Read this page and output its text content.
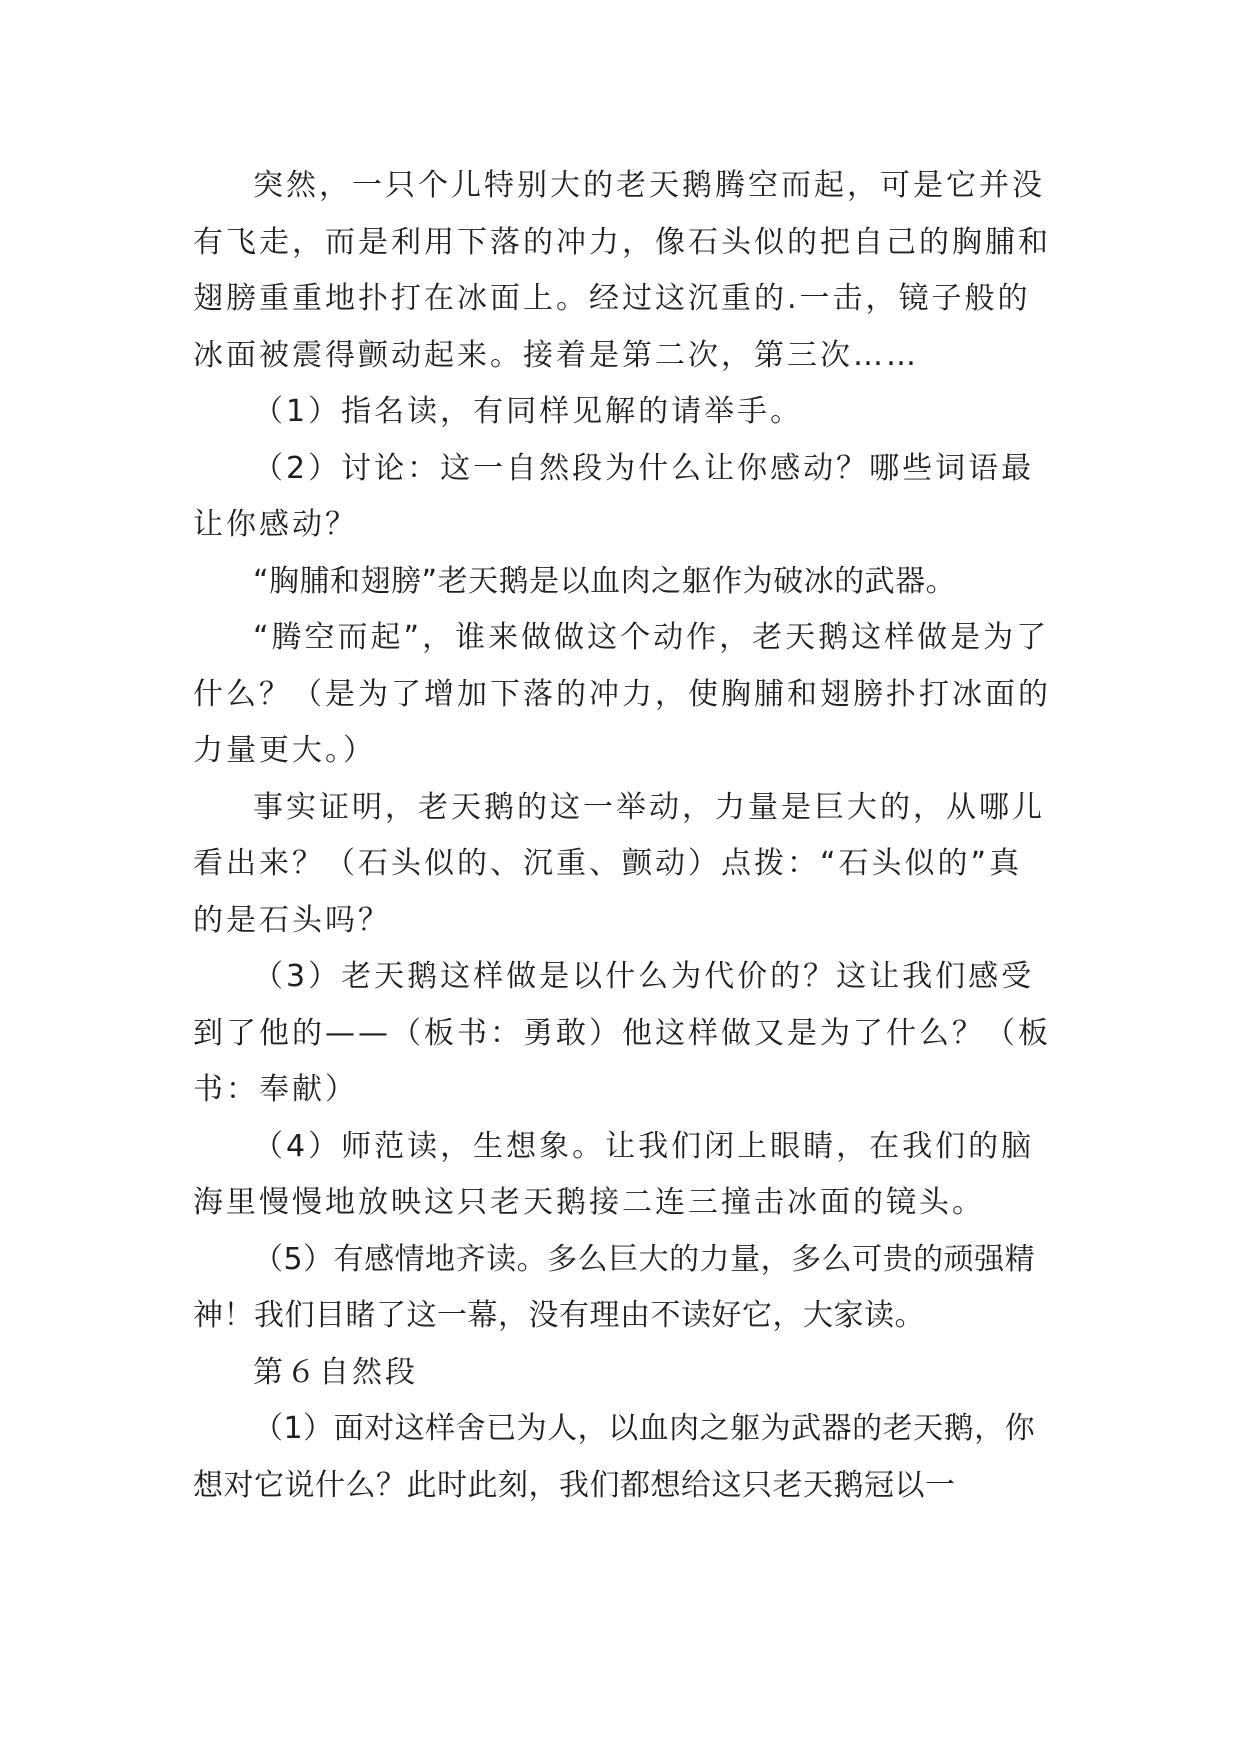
突然，一只个儿特别大的老天鹅腾空而起，可是它并没有飞走，而是利用下落的冲力，像石头似的把自己的胸脯和翅膀重重地扑打在冰面上。经过这沉重的.一击，镜子般的冰面被震得颤动起来。接着是第二次，第三次……

（1）指名读，有同样见解的请举手。

（2）讨论：这一自然段为什么让你感动？哪些词语最让你感动？

“胸脯和翅膀”老天鹅是以血肉之躯作为破冰的武器。

“腾空而起”，谁来做做这个动作，老天鹅这样做是为了什么？（是为了增加下落的冲力，使胸脯和翅膀扑打冰面的力量更大。）

事实证明，老天鹅的这一举动，力量是巨大的，从哪儿看出来？（石头似的、沉重、颤动）点拨：“石头似的”真的是石头吗？

（3）老天鹅这样做是以什么为代价的？这让我们感受到了他的——（板书：勇敢）他这样做又是为了什么？（板书：奉献）

（4）师范读，生想象。让我们闭上眼睛，在我们的脑海里慢慢地放映这只老天鹅接二连三撞击冰面的镜头。

（5）有感情地齐读。多么巨大的力量，多么可贵的顽强精神！我们目睹了这一幕，没有理由不读好它，大家读。

第６自然段

（1）面对这样舍已为人，以血肉之躯为武器的老天鹅，你想对它说什么？此时此刻，我们都想给这只老天鹅冠以一
